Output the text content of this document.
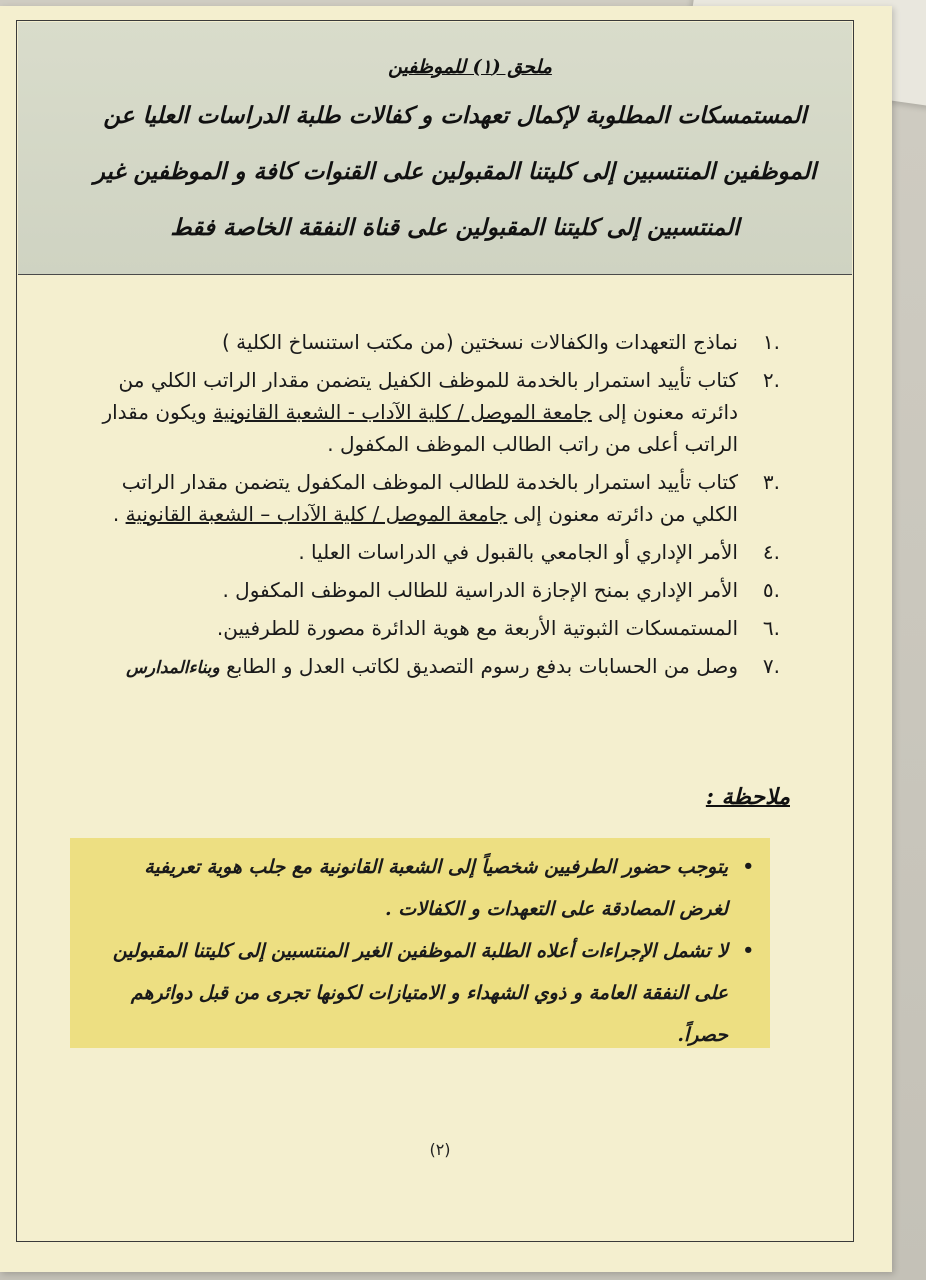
ملحق (١) للموظفين
المستمسكات المطلوبة لإكمال تعهدات و كفالات طلبة الدراسات العليا عن
الموظفين المنتسبين إلى كليتنا المقبولين على القنوات كافة و الموظفين غير
المنتسبين إلى كليتنا المقبولين على قناة النفقة الخاصة فقط
.١
نماذج التعهدات والكفالات نسختين (من مكتب استنساخ الكلية )
.٢
كتاب تأييد استمرار بالخدمة للموظف الكفيل يتضمن مقدار الراتب الكلي من دائرته معنون إلى جامعة الموصل / كلية الآداب - الشعبة القانونية ويكون مقدار الراتب أعلى من راتب الطالب الموظف المكفول .
.٣
كتاب تأييد استمرار بالخدمة للطالب الموظف المكفول يتضمن مقدار الراتب الكلي من دائرته معنون إلى جامعة الموصل / كلية الآداب – الشعبة القانونية .
.٤
الأمر الإداري أو الجامعي بالقبول في الدراسات العليا .
.٥
الأمر الإداري بمنح الإجازة الدراسية للطالب الموظف المكفول .
.٦
المستمسكات الثبوتية الأربعة مع هوية الدائرة مصورة للطرفيين.
.٧
وصل من الحسابات بدفع رسوم التصديق لكاتب العدل و الطابع وبناءالمدارس
ملاحظة :
•
يتوجب حضور الطرفيين شخصياً إلى الشعبة القانونية مع جلب هوية تعريفية لغرض المصادقة على التعهدات و الكفالات .
•
لا تشمل الإجراءات أعلاه الطلبة الموظفين الغير المنتسبين إلى كليتنا المقبولين على النفقة العامة و ذوي الشهداء و الامتيازات لكونها تجرى من قبل دوائرهم حصراً.
(٢)
